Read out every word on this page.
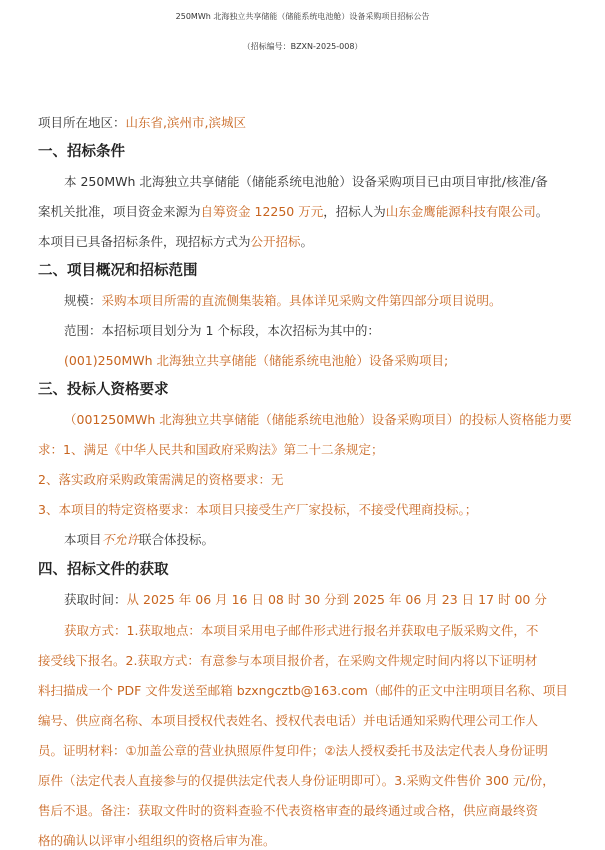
250MWh 北海独立共享储能（储能系统电池舱）设备采购项目招标公告
（招标编号：BZXN-2025-008）
项目所在地区：山东省,滨州市,滨城区
一、招标条件
本 250MWh 北海独立共享储能（储能系统电池舱）设备采购项目已由项目审批/核准/备
案机关批准，项目资金来源为自筹资金 12250 万元，招标人为山东金鹰能源科技有限公司。
本项目已具备招标条件，现招标方式为公开招标。
二、项目概况和招标范围
规模：采购本项目所需的直流侧集装箱。具体详见采购文件第四部分项目说明。
范围：本招标项目划分为 1 个标段，本次招标为其中的：
(001)250MWh 北海独立共享储能（储能系统电池舱）设备采购项目;
三、投标人资格要求
（001250MWh 北海独立共享储能（储能系统电池舱）设备采购项目）的投标人资格能力要
求：1、满足《中华人民共和国政府采购法》第二十二条规定；
2、落实政府采购政策需满足的资格要求：无
3、本项目的特定资格要求：本项目只接受生产厂家投标，不接受代理商投标。；
本项目不允许联合体投标。
四、招标文件的获取
获取时间：从 2025 年 06 月 16 日 08 时 30 分到 2025 年 06 月 23 日 17 时 00 分
获取方式：1.获取地点：本项目采用电子邮件形式进行报名并获取电子版采购文件，不
接受线下报名。2.获取方式：有意参与本项目报价者，在采购文件规定时间内将以下证明材
料扫描成一个 PDF 文件发送至邮箱 bzxngcztb@163.com（邮件的正文中注明项目名称、项目
编号、供应商名称、本项目授权代表姓名、授权代表电话）并电话通知采购代理公司工作人
员。证明材料：①加盖公章的营业执照原件复印件；②法人授权委托书及法定代表人身份证明
原件（法定代表人直接参与的仅提供法定代表人身份证明即可）。3.采购文件售价 300 元/份，
售后不退。备注：获取文件时的资料查验不代表资格审查的最终通过或合格，供应商最终资
格的确认以评审小组组织的资格后审为准。
